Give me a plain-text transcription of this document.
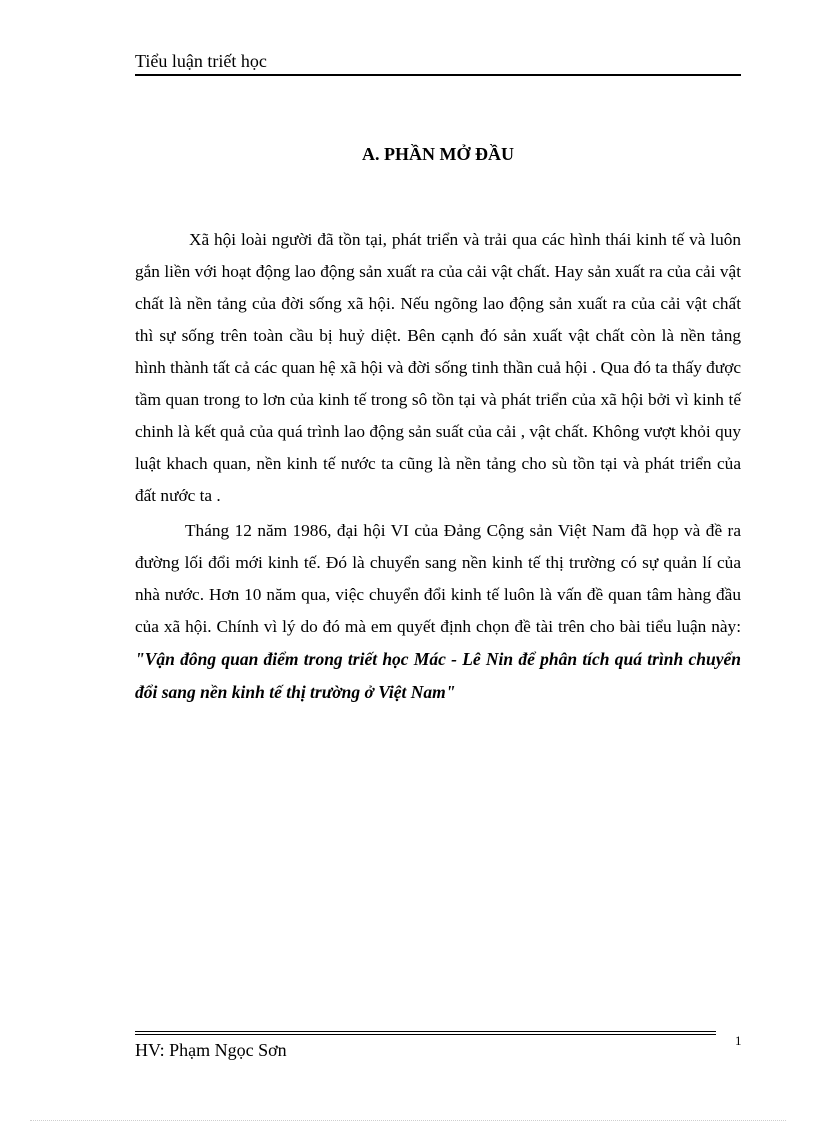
Tiểu luận triết học
A. PHẦN MỞ ĐẦU

Xã hội loài người đã tồn tại, phát triển và trải qua các hình thái kinh tế và luôn gắn liền với hoạt động lao động sản xuất ra của cải vật chất. Hay sản xuất ra của cải vật chất là nền tảng của đời sống xã hội. Nếu ngõng lao động sản xuất ra của cải vật chất thì sự sống trên toàn cầu bị huỷ diệt. Bên cạnh đó sản xuất vật chất còn là nền tảng hình thành tất cả các quan hệ xã hội và đời sống tinh thần cuả hội . Qua đó ta thấy được tầm quan trong to lơn của kinh tế trong sô tồn tại và phát triển của xã hội bởi vì kinh tế chinh là kết quả của quá trình lao động sản suất của cải , vật chất. Không vượt khỏi quy luật khach quan, nền kinh tế nước ta cũng là nền tảng cho sù tồn tại và phát triển của đất nước ta .

Tháng 12 năm 1986, đại hội VI của Đảng Cộng sản Việt Nam đã họp và đề ra đường lối đổi mới kinh tế. Đó là chuyển sang nền kinh tế thị trường có sự quản lí của nhà nước. Hơn 10 năm qua, việc chuyển đổi kinh tế luôn là vấn đề quan tâm hàng đầu của xã hội. Chính vì lý do đó mà em quyết định chọn đề tài trên cho bài tiểu luận này: "Vận đông quan điểm trong triết học Mác - Lê Nin để phân tích quá trình chuyển đổi sang nền kinh tế thị trường ở Việt Nam"

HV: Phạm Ngọc Sơn	1
